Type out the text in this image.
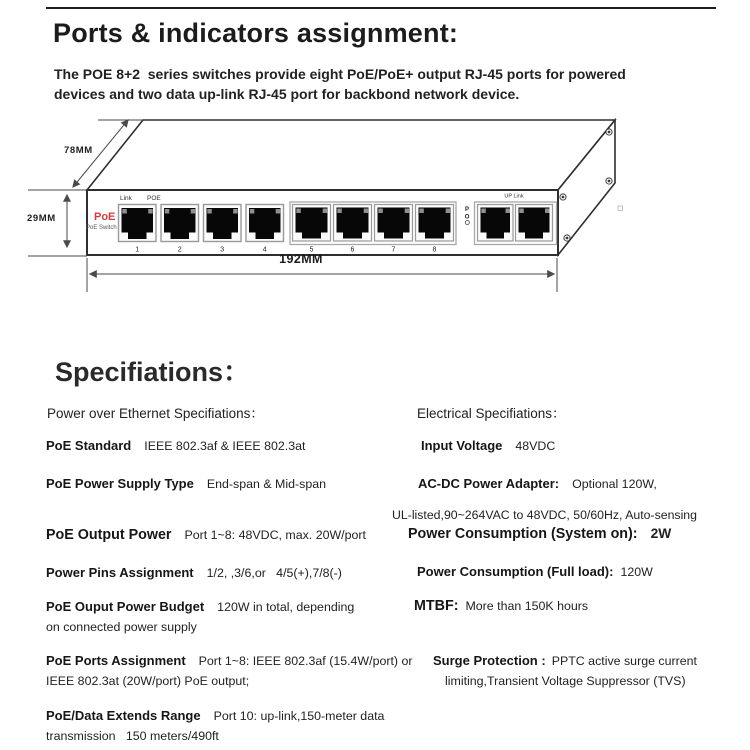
Ports & indicators assignment:

The POE 8+2  series switches provide eight PoE/PoE+ output RJ-45 ports for powered
devices and two data up-link RJ-45 port for backbond network device.

78MM
29MM
192MM
PoE
PoE Switch
Link POE
1	2	3	4	5	6	7	8
P
O
UP Link
Specifiations：
Power over Ethernet Specifiations：
PoE Standard IEEE 802.3af & IEEE 802.3at
PoE Power Supply Type End-span & Mid-span
PoE Output Power Port 1~8: 48VDC, max. 20W/port
Power Pins Assignment 1/2, ,3/6,or   4/5(+),7/8(-)
PoE Ouput Power Budget 120W in total, depending
on connected power supply
PoE Ports Assignment Port 1~8: IEEE 802.3af (15.4W/port) or
IEEE 802.3at (20W/port) PoE output;
PoE/Data Extends Range Port 10: up-link,150-meter data
transmission   150 meters/490ft
Electrical Specifiations：
Input Voltage 48VDC
AC-DC Power Adapter: Optional 120W,
UL-listed,90~264VAC to 48VDC, 50/60Hz, Auto-sensing
Power Consumption (System on): 2W
Power Consumption (Full load): 120W
MTBF: More than 150K hours
Surge Protection : PPTC active surge current
limiting,Transient Voltage Suppressor (TVS)
